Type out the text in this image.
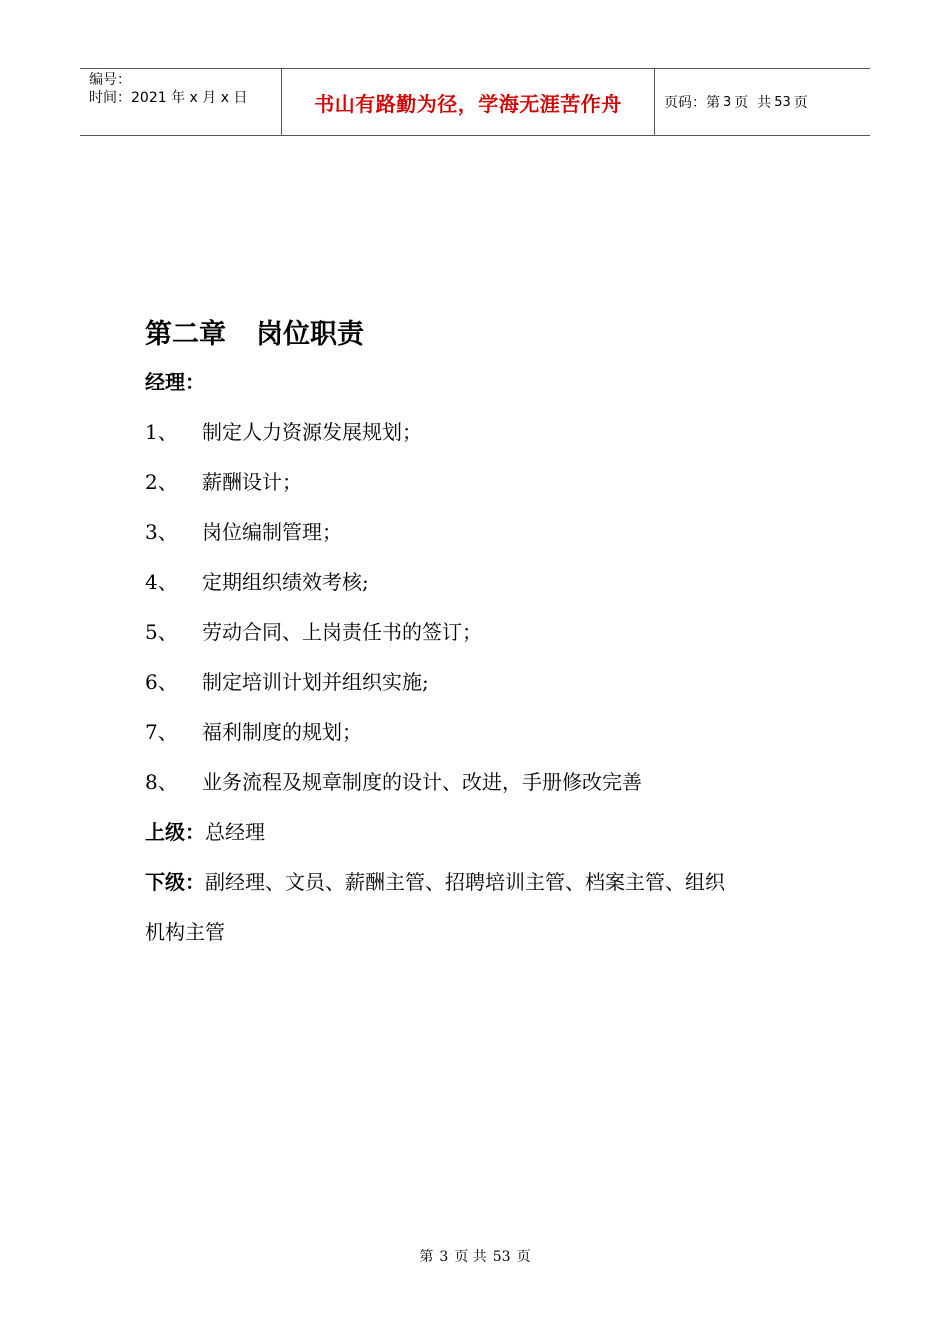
编号：
时间：2021 年 x 月 x 日	书山有路勤为径，学海无涯苦作舟	页码：第 3 页  共 53 页
第二章 岗位职责
经理：
1、	制定人力资源发展规划；
2、	薪酬设计；
3、	岗位编制管理；
4、	定期组织绩效考核;
5、	劳动合同、上岗责任书的签订；
6、	制定培训计划并组织实施;
7、	福利制度的规划；
8、	业务流程及规章制度的设计、改进，手册修改完善
上级：总经理
下级：副经理、文员、薪酬主管、招聘培训主管、档案主管、组织
机构主管
第 3 页 共 53 页
